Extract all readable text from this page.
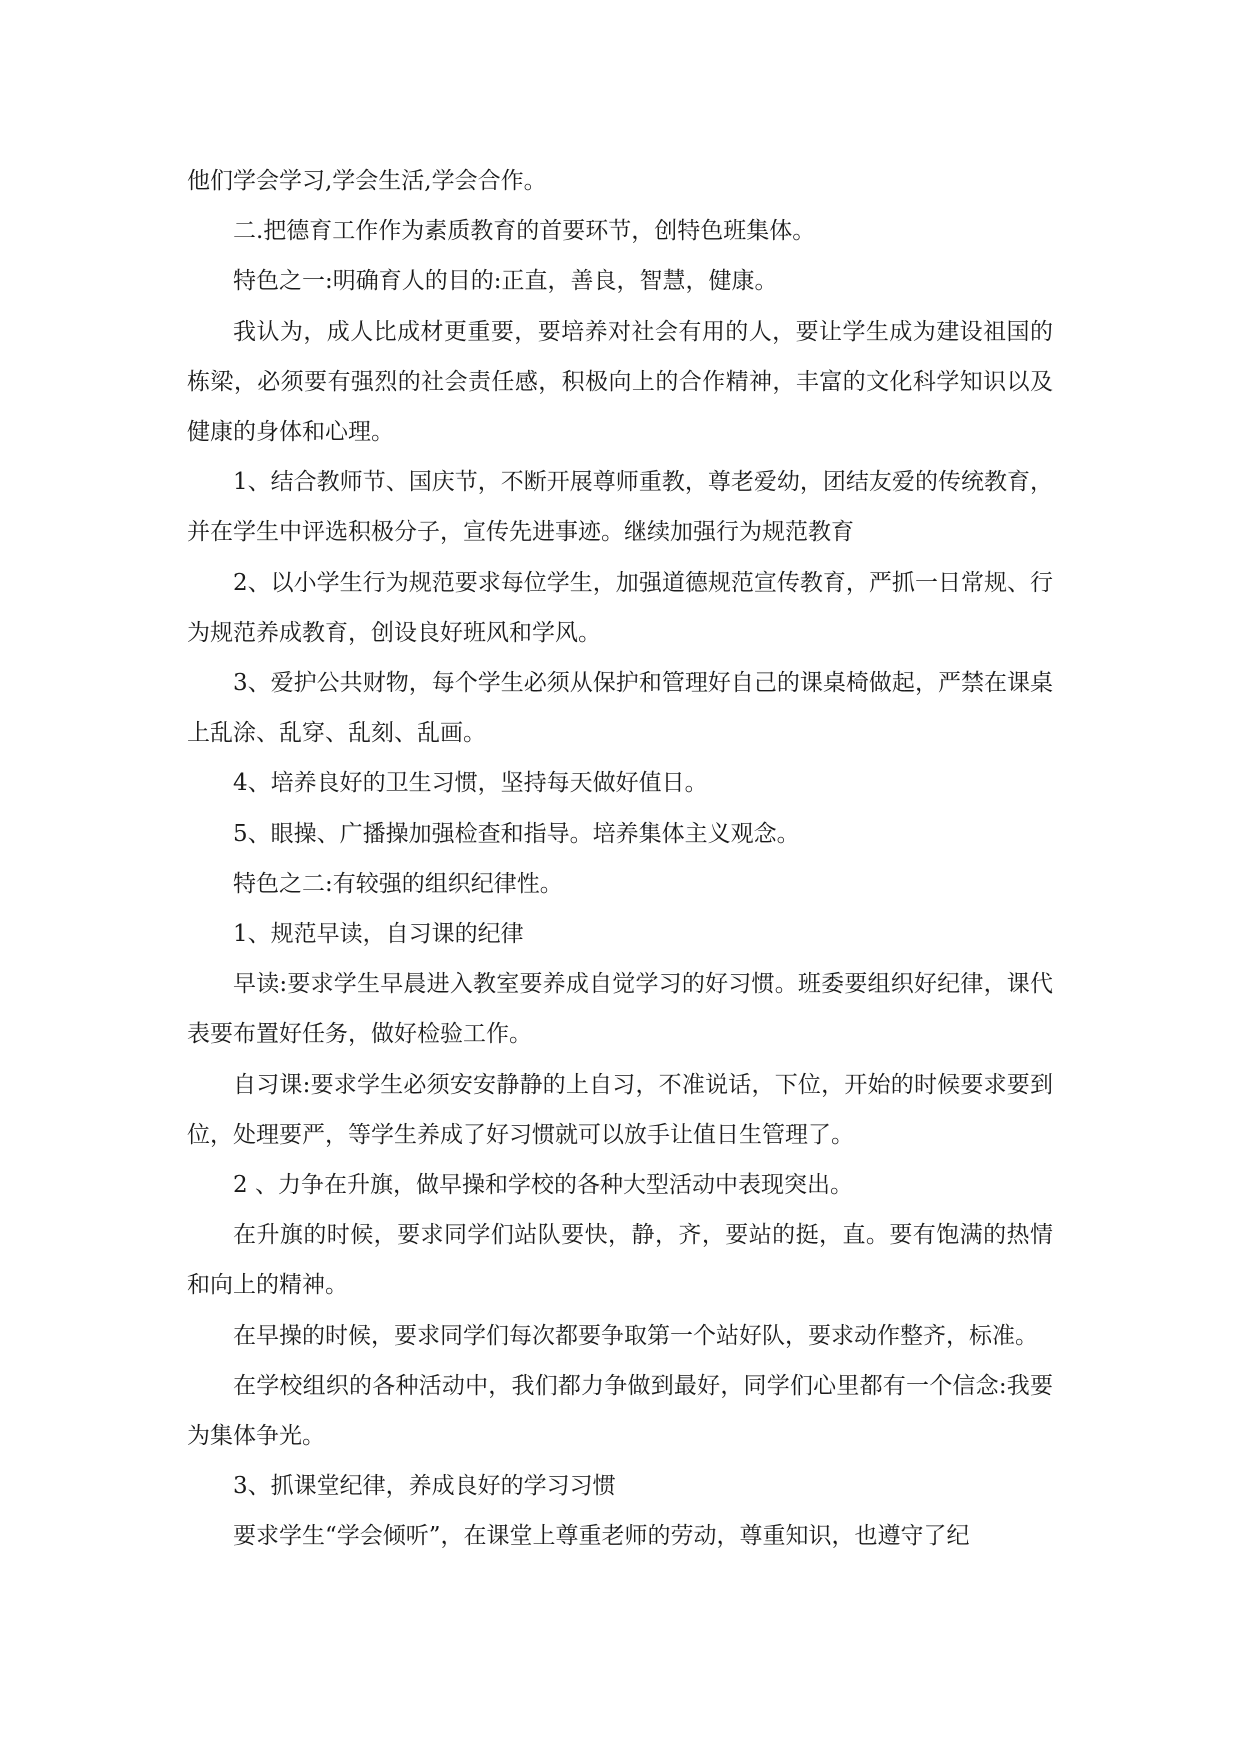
他们学会学习,学会生活,学会合作。

二.把德育工作作为素质教育的首要环节，创特色班集体。

特色之一:明确育人的目的:正直，善良，智慧，健康。

我认为，成人比成材更重要，要培养对社会有用的人，要让学生成为建设祖国的栋梁，必须要有强烈的社会责任感，积极向上的合作精神，丰富的文化科学知识以及健康的身体和心理。

1、结合教师节、国庆节，不断开展尊师重教，尊老爱幼，团结友爱的传统教育，并在学生中评选积极分子，宣传先进事迹。继续加强行为规范教育

2、以小学生行为规范要求每位学生，加强道德规范宣传教育，严抓一日常规、行为规范养成教育，创设良好班风和学风。

3、爱护公共财物，每个学生必须从保护和管理好自己的课桌椅做起，严禁在课桌上乱涂、乱穿、乱刻、乱画。

4、培养良好的卫生习惯，坚持每天做好值日。

5、眼操、广播操加强检查和指导。培养集体主义观念。

特色之二:有较强的组织纪律性。

1、规范早读，自习课的纪律

早读:要求学生早晨进入教室要养成自觉学习的好习惯。班委要组织好纪律，课代表要布置好任务，做好检验工作。

自习课:要求学生必须安安静静的上自习，不准说话，下位，开始的时候要求要到位，处理要严，等学生养成了好习惯就可以放手让值日生管理了。

2 、力争在升旗，做早操和学校的各种大型活动中表现突出。

在升旗的时候，要求同学们站队要快，静，齐，要站的挺，直。要有饱满的热情和向上的精神。

在早操的时候，要求同学们每次都要争取第一个站好队，要求动作整齐，标准。

在学校组织的各种活动中，我们都力争做到最好，同学们心里都有一个信念:我要为集体争光。

3、抓课堂纪律，养成良好的学习习惯

要求学生“学会倾听”，在课堂上尊重老师的劳动，尊重知识，也遵守了纪
